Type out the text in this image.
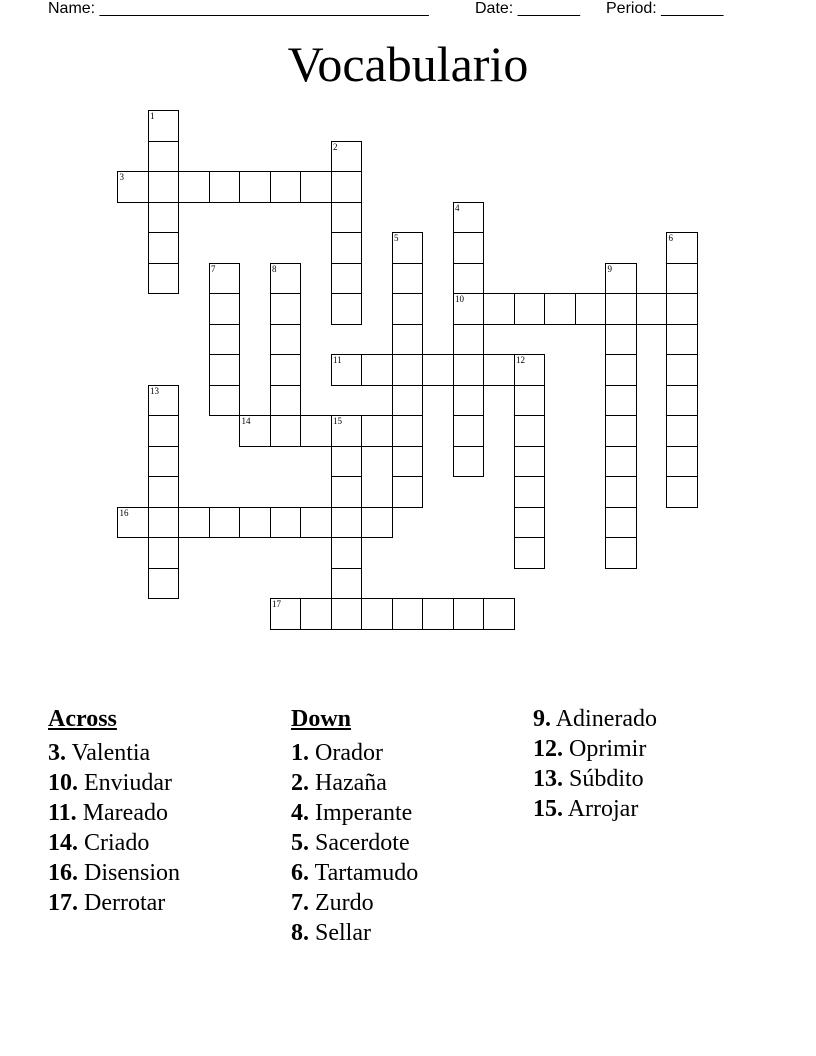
Name: _____________________________________	Date: _______ Period: _______
Vocabulario
1
2
3
4
10
5	6
7	8	9
11	12
13
14	15
16
17
Across
3. Valentia
10. Enviudar
11. Mareado
14. Criado
16. Disension
17. Derrotar
Down
1. Orador
2. Hazaña
4. Imperante
5. Sacerdote
6. Tartamudo
7. Zurdo
8. Sellar
9. Adinerado
12. Oprimir
13. Súbdito
15. Arrojar
